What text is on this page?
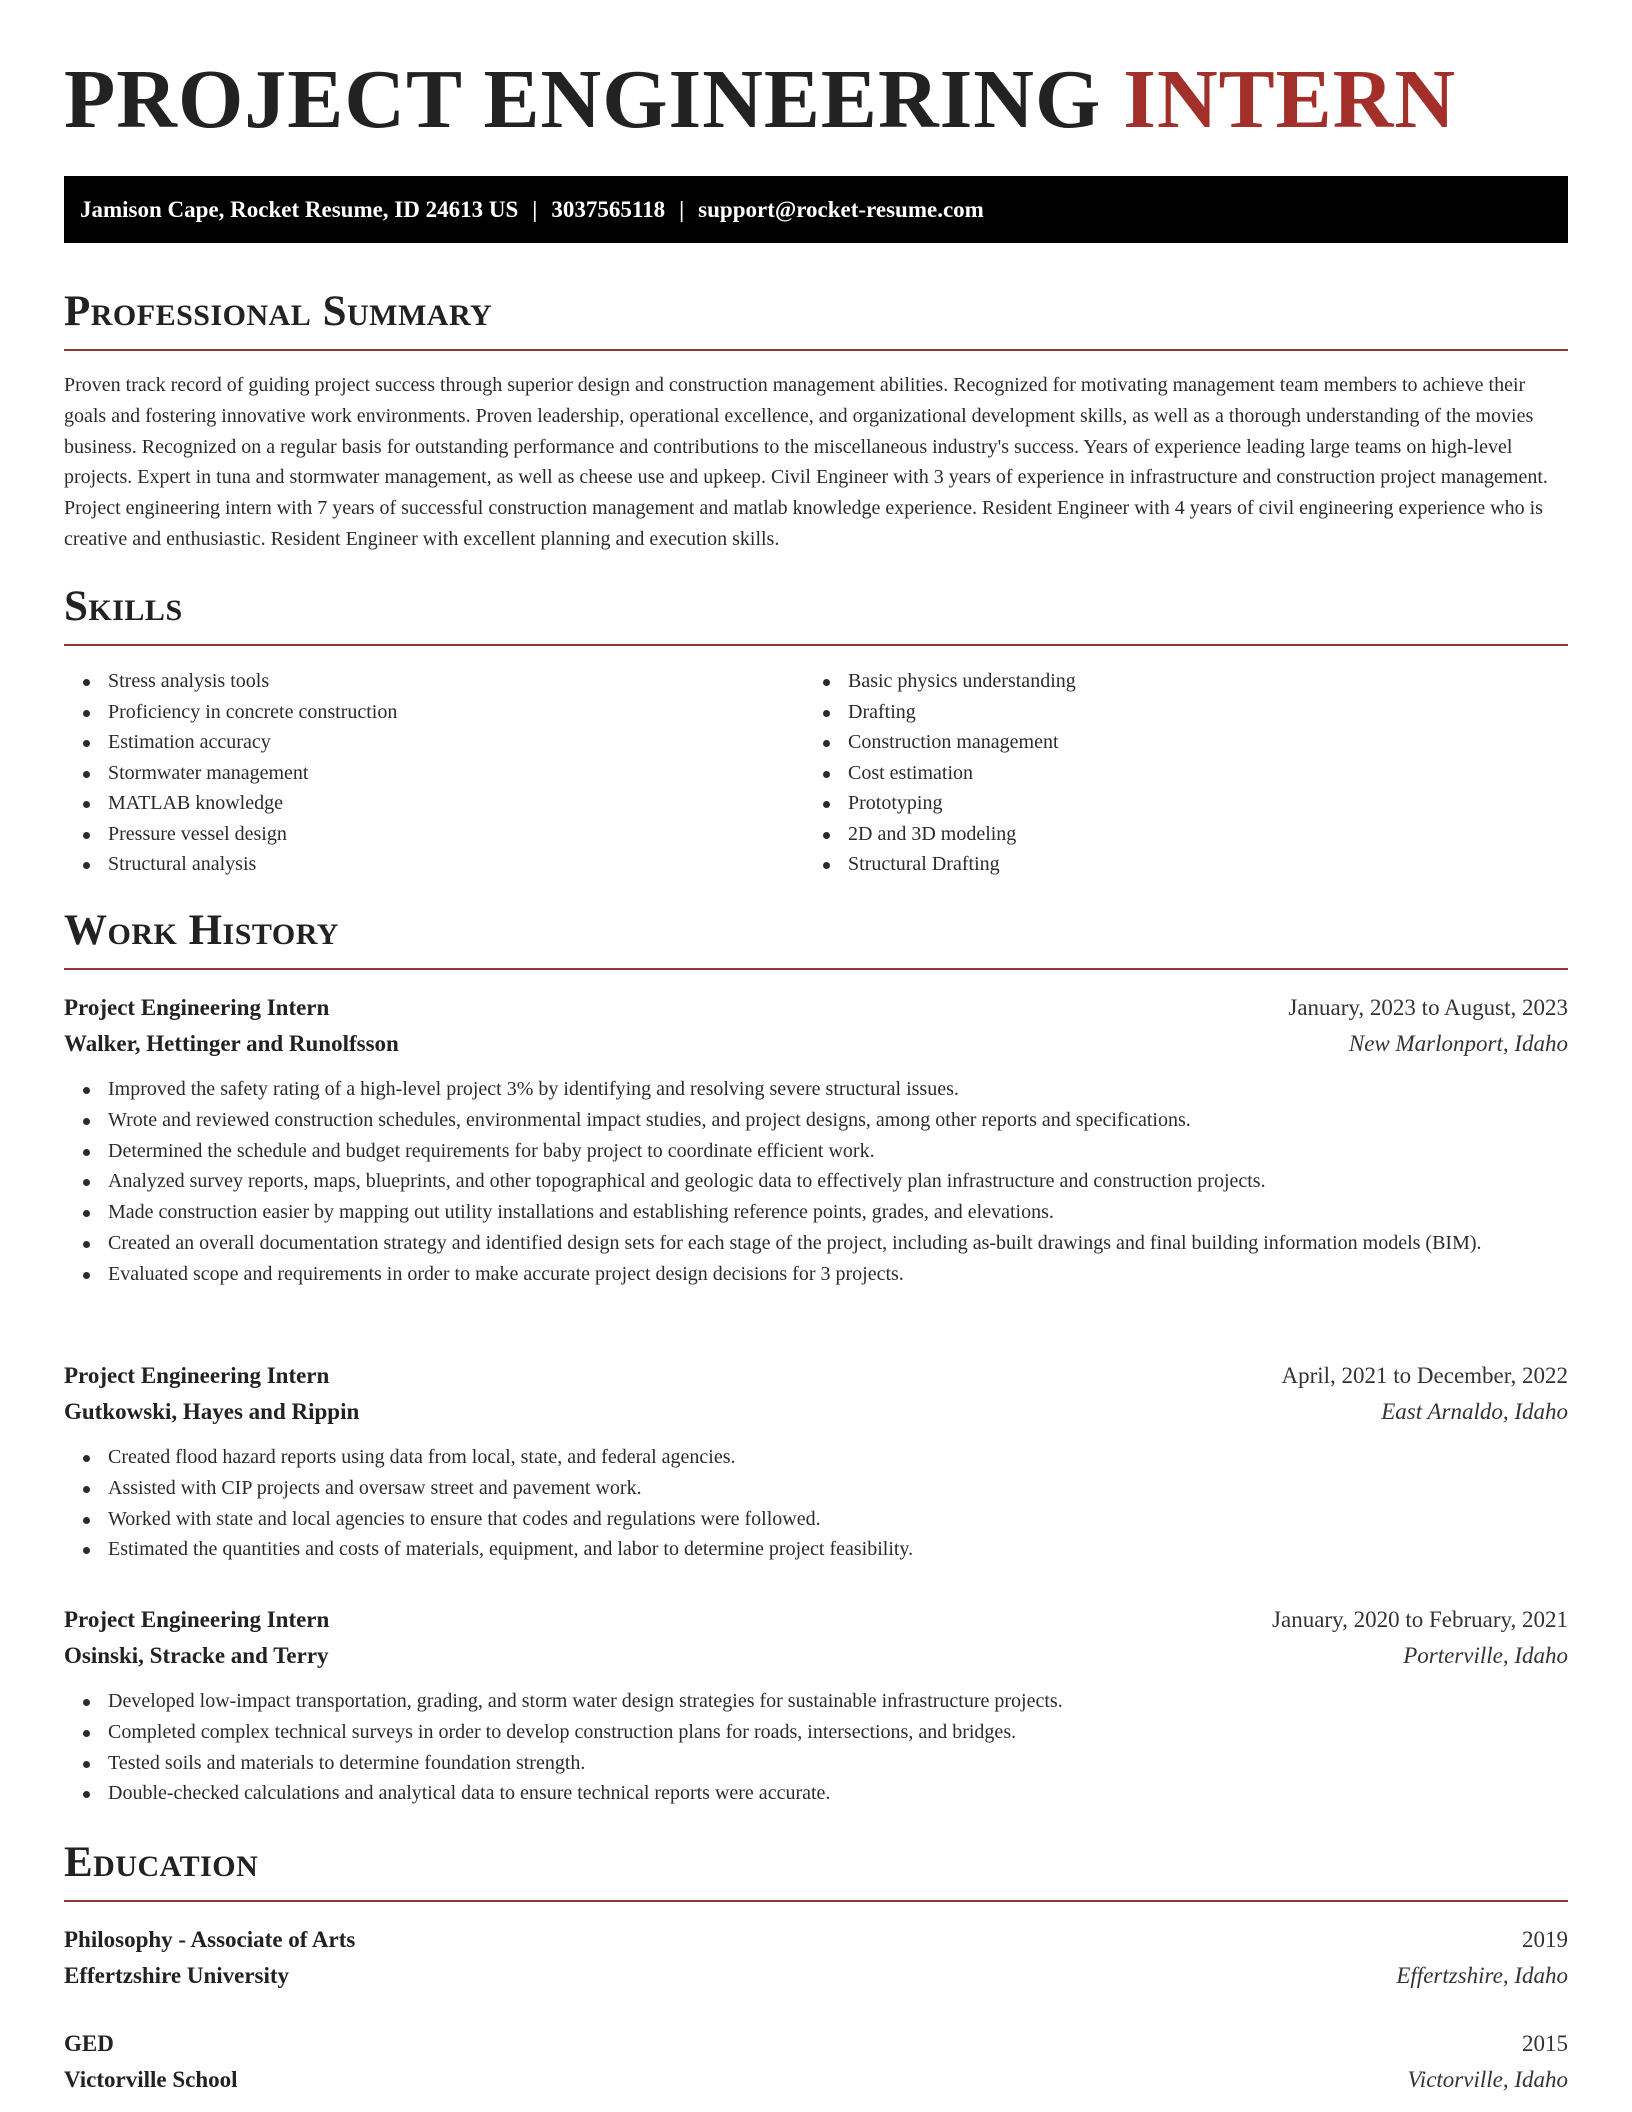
PROJECT ENGINEERING INTERN
Jamison Cape, Rocket Resume, ID 24613 US | 3037565118 | support@rocket-resume.com
Professional Summary

Proven track record of guiding project success through superior design and construction management abilities. Recognized for motivating management team members to achieve their goals and fostering innovative work environments. Proven leadership, operational excellence, and organizational development skills, as well as a thorough understanding of the movies business. Recognized on a regular basis for outstanding performance and contributions to the miscellaneous industry's success. Years of experience leading large teams on high-level projects. Expert in tuna and stormwater management, as well as cheese use and upkeep. Civil Engineer with 3 years of experience in infrastructure and construction project management. Project engineering intern with 7 years of successful construction management and matlab knowledge experience. Resident Engineer with 4 years of civil engineering experience who is creative and enthusiastic. Resident Engineer with excellent planning and execution skills.

Skills
Stress analysis tools
Proficiency in concrete construction
Estimation accuracy
Stormwater management
MATLAB knowledge
Pressure vessel design
Structural analysis
Basic physics understanding
Drafting
Construction management
Cost estimation
Prototyping
2D and 3D modeling
Structural Drafting
Work History
Project Engineering Intern	January, 2023 to August, 2023
Walker, Hettinger and Runolfsson	New Marlonport, Idaho
Improved the safety rating of a high-level project 3% by identifying and resolving severe structural issues.
Wrote and reviewed construction schedules, environmental impact studies, and project designs, among other reports and specifications.
Determined the schedule and budget requirements for baby project to coordinate efficient work.
Analyzed survey reports, maps, blueprints, and other topographical and geologic data to effectively plan infrastructure and construction projects.
Made construction easier by mapping out utility installations and establishing reference points, grades, and elevations.
Created an overall documentation strategy and identified design sets for each stage of the project, including as-built drawings and final building information models (BIM).
Evaluated scope and requirements in order to make accurate project design decisions for 3 projects.
Project Engineering Intern	April, 2021 to December, 2022
Gutkowski, Hayes and Rippin	East Arnaldo, Idaho
Created flood hazard reports using data from local, state, and federal agencies.
Assisted with CIP projects and oversaw street and pavement work.
Worked with state and local agencies to ensure that codes and regulations were followed.
Estimated the quantities and costs of materials, equipment, and labor to determine project feasibility.
Project Engineering Intern	January, 2020 to February, 2021
Osinski, Stracke and Terry	Porterville, Idaho
Developed low-impact transportation, grading, and storm water design strategies for sustainable infrastructure projects.
Completed complex technical surveys in order to develop construction plans for roads, intersections, and bridges.
Tested soils and materials to determine foundation strength.
Double-checked calculations and analytical data to ensure technical reports were accurate.
Education
Philosophy - Associate of Arts	2019
Effertzshire University	Effertzshire, Idaho
GED	2015
Victorville School	Victorville, Idaho
